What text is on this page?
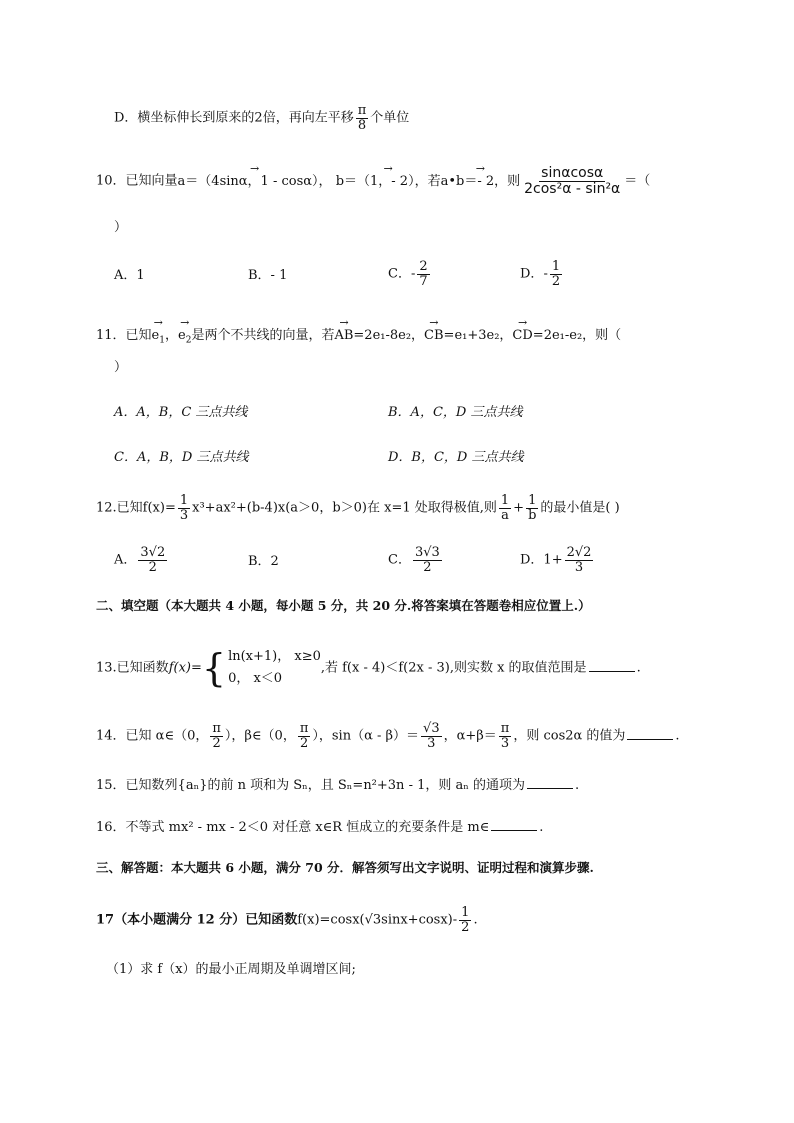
D．横坐标伸长到原来的2倍，再向左平移 $\frac{\pi}{8}$ 个单位
10．已知向量→ a＝（4sinα，1 - cosα）， → b＝（1，- 2），若→ a•b＝- 2，则 $\frac{\sin\alpha\cos\alpha}{\text{2cos²α - sin²α}}$ ＝（
）
A．1	B．- 1	C．- $\frac{2}{7}$	D．- $\frac{1}{2}$
11．已知→ $e_1$，→ $e_2$是两个不共线的向量，若→ AB=2e₁-8e₂，→ CB=e₁+3e₂，→ CD=2e₁-e₂，则（
）
A．A，B，C 三点共线	B．A，C，D 三点共线
C．A，B，D 三点共线	D．B，C，D 三点共线
12.已知$f(x)= \frac{1}{3} x^3+ax^2+(b-4)x(a>0$，b＞0)在 x=1 处取得极值,则 $\frac{1}{a} + \frac{1}{b}$ 的最小值是( )
A． $\frac{3√2}{2}$	B．2	C． $\frac{3√3}{2}$	D．$1+ \frac{2√2}{3}$
二、填空题（本大题共 4 小题，每小题 5 分，共 20 分.将答案填在答题卷相应位置上.）
13.已知函数f(x)= { ln(x+1)， x≥0
0， x＜0
,若 f(x - 4)＜f(2x - 3),则实数 x 的取值范围是	.
14．已知 α∈（0， $\frac{\pi}{2}$ ），β∈（0， $\frac{\pi}{2}$ ），$\sin(\alpha - \beta)= \frac{√3}{3}$ ，$\alpha+\beta= \frac{\pi}{3}$ ，则 cos2α 的值为	.
15．已知数列{aₙ}的前 n 项和为 Sₙ，且 Sₙ=n²+3n - 1，则 aₙ 的通项为	.
16．不等式 mx² - mx - 2＜0 对任意 x∈R 恒成立的充要条件是 m∈	.
三、解答题：本大题共 6 小题，满分 70 分．解答须写出文字说明、证明过程和演算步骤.
17（本小题满分 12 分）已知函数$f(x)=\cos x(√3\sin x+\cos x)- \frac{1}{2}$ .
（1）求 f（x）的最小正周期及单调增区间;
